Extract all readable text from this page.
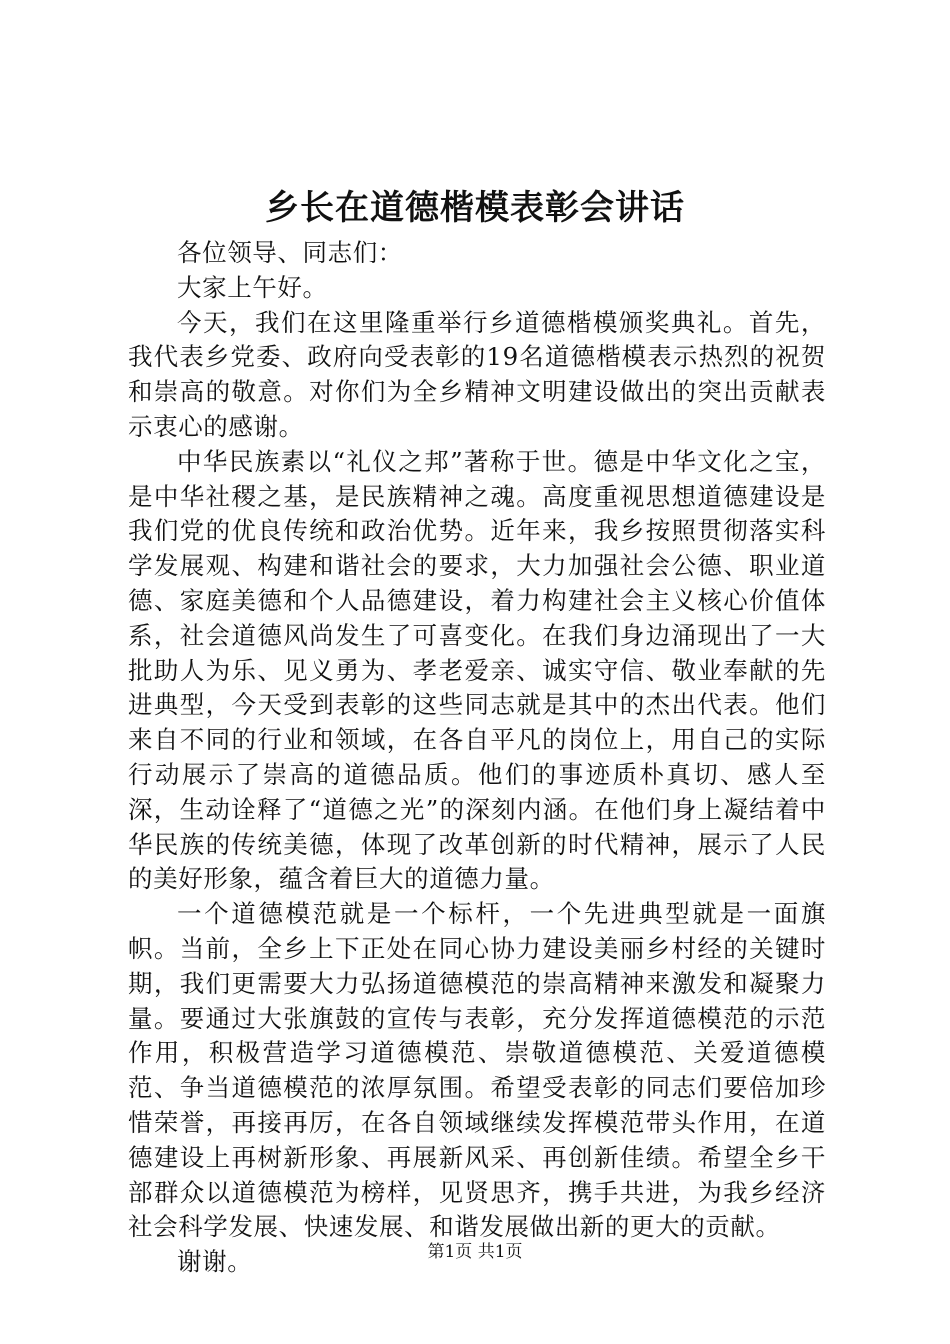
乡长在道德楷模表彰会讲话

各位领导、同志们：

大家上午好。

今天，我们在这里隆重举行乡道德楷模颁奖典礼。首先，我代表乡党委、政府向受表彰的19名道德楷模表示热烈的祝贺和崇高的敬意。对你们为全乡精神文明建设做出的突出贡献表示衷心的感谢。

中华民族素以“礼仪之邦”著称于世。德是中华文化之宝，是中华社稷之基，是民族精神之魂。高度重视思想道德建设是我们党的优良传统和政治优势。近年来，我乡按照贯彻落实科学发展观、构建和谐社会的要求，大力加强社会公德、职业道德、家庭美德和个人品德建设，着力构建社会主义核心价值体系，社会道德风尚发生了可喜变化。在我们身边涌现出了一大批助人为乐、见义勇为、孝老爱亲、诚实守信、敬业奉献的先进典型，今天受到表彰的这些同志就是其中的杰出代表。他们来自不同的行业和领域，在各自平凡的岗位上，用自己的实际行动展示了崇高的道德品质。他们的事迹质朴真切、感人至深，生动诠释了“道德之光”的深刻内涵。在他们身上凝结着中华民族的传统美德，体现了改革创新的时代精神，展示了人民的美好形象，蕴含着巨大的道德力量。

一个道德模范就是一个标杆，一个先进典型就是一面旗帜。当前，全乡上下正处在同心协力建设美丽乡村经的关键时期，我们更需要大力弘扬道德模范的崇高精神来激发和凝聚力量。要通过大张旗鼓的宣传与表彰，充分发挥道德模范的示范作用，积极营造学习道德模范、崇敬道德模范、关爱道德模范、争当道德模范的浓厚氛围。希望受表彰的同志们要倍加珍惜荣誉，再接再厉，在各自领域继续发挥模范带头作用，在道德建设上再树新形象、再展新风采、再创新佳绩。希望全乡干部群众以道德模范为榜样，见贤思齐，携手共进，为我乡经济社会科学发展、快速发展、和谐发展做出新的更大的贡献。

谢谢。	第1页 共1页
